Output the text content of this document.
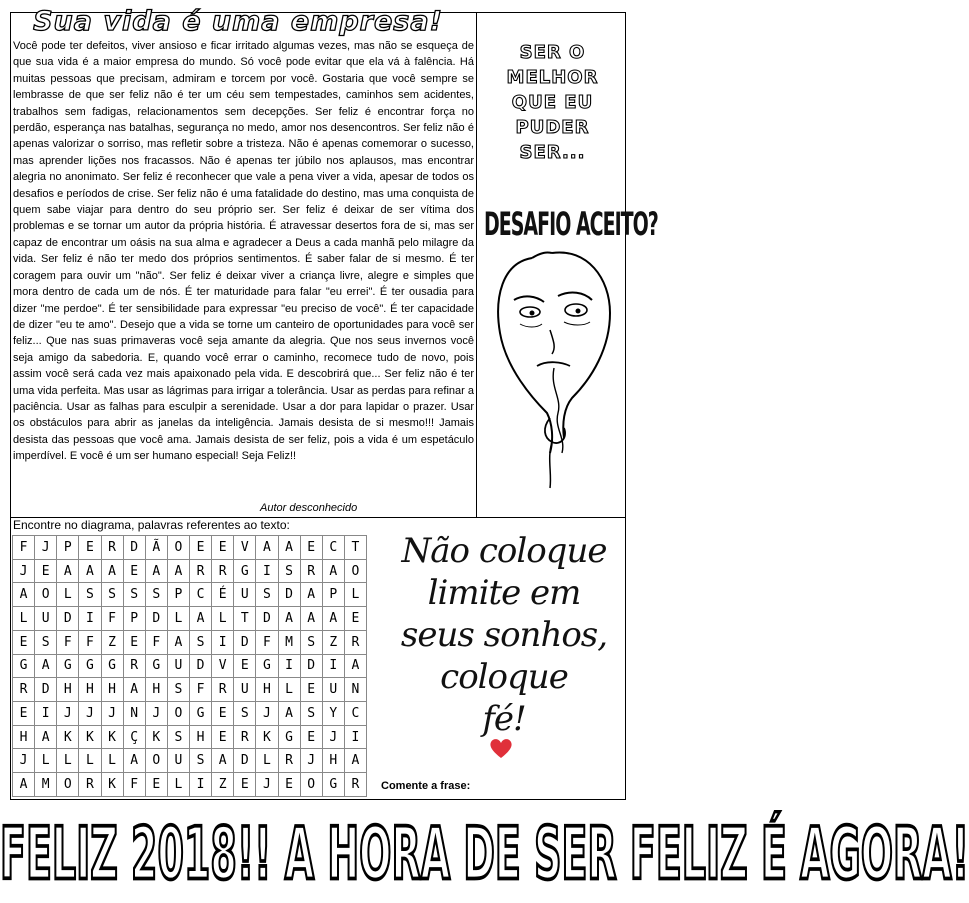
Sua vida é uma empresa!
Você pode ter defeitos, viver ansioso e ficar irritado algumas vezes, mas não se esqueça de que sua vida é a maior empresa do mundo. Só você pode evitar que ela vá à falência. Há muitas pessoas que precisam, admiram e torcem por você. Gostaria que você sempre se lembrasse de que ser feliz não é ter um céu sem tempestades, caminhos sem acidentes, trabalhos sem fadigas, relacionamentos sem decepções. Ser feliz é encontrar força no perdão, esperança nas batalhas, segurança no medo, amor nos desencontros. Ser feliz não é apenas valorizar o sorriso, mas refletir sobre a tristeza. Não é apenas comemorar o sucesso, mas aprender lições nos fracassos. Não é apenas ter júbilo nos aplausos, mas encontrar alegria no anonimato. Ser feliz é reconhecer que vale a pena viver a vida, apesar de todos os desafios e períodos de crise. Ser feliz não é uma fatalidade do destino, mas uma conquista de quem sabe viajar para dentro do seu próprio ser. Ser feliz é deixar de ser vítima dos problemas e se tornar um autor da própria história. É atravessar desertos fora de si, mas ser capaz de encontrar um oásis na sua alma e agradecer a Deus a cada manhã pelo milagre da vida. Ser feliz é não ter medo dos próprios sentimentos. É saber falar de si mesmo. É ter coragem para ouvir um "não". Ser feliz é deixar viver a criança livre, alegre e simples que mora dentro de cada um de nós. É ter maturidade para falar "eu errei". É ter ousadia para dizer "me perdoe". É ter sensibilidade para expressar "eu preciso de você". É ter capacidade de dizer "eu te amo". Desejo que a vida se torne um canteiro de oportunidades para você ser feliz... Que nas suas primaveras você seja amante da alegria. Que nos seus invernos você seja amigo da sabedoria. E, quando você errar o caminho, recomece tudo de novo, pois assim você será cada vez mais apaixonado pela vida. E descobrirá que... Ser feliz não é ter uma vida perfeita. Mas usar as lágrimas para irrigar a tolerância. Usar as perdas para refinar a paciência. Usar as falhas para esculpir a serenidade. Usar a dor para lapidar o prazer. Usar os obstáculos para abrir as janelas da inteligência. Jamais desista de si mesmo!!! Jamais desista das pessoas que você ama. Jamais desista de ser feliz, pois a vida é um espetáculo imperdível. E você é um ser humano especial! Seja Feliz!!
Autor desconhecido
SER O
MELHOR
QUE EU
PUDER
SER...
DESAFIO ACEITO?
Encontre no diagrama, palavras referentes ao texto:
F	J	P	E	R	D	Ã	O	E	E	V	A	A	E	C	T
J	E	A	A	A	E	A	A	R	R	G	I	S	R	A	O
A	O	L	S	S	S	S	P	C	É	U	S	D	A	P	L
L	U	D	I	F	P	D	L	A	L	T	D	A	A	A	E
E	S	F	F	Z	E	F	A	S	I	D	F	M	S	Z	R
G	A	G	G	G	R	G	U	D	V	E	G	I	D	I	A
R	D	H	H	H	A	H	S	F	R	U	H	L	E	U	N
E	I	J	J	J	N	J	O	G	E	S	J	A	S	Y	C
H	A	K	K	K	Ç	K	S	H	E	R	K	G	E	J	I
J	L	L	L	L	A	O	U	S	A	D	L	R	J	H	A
A	M	O	R	K	F	E	L	I	Z	E	J	E	O	G	R
Não coloque
limite em
seus sonhos,
coloque
fé!
Comente a frase:
FELIZ 2018!! A HORA DE SER FELIZ É AGORA!
